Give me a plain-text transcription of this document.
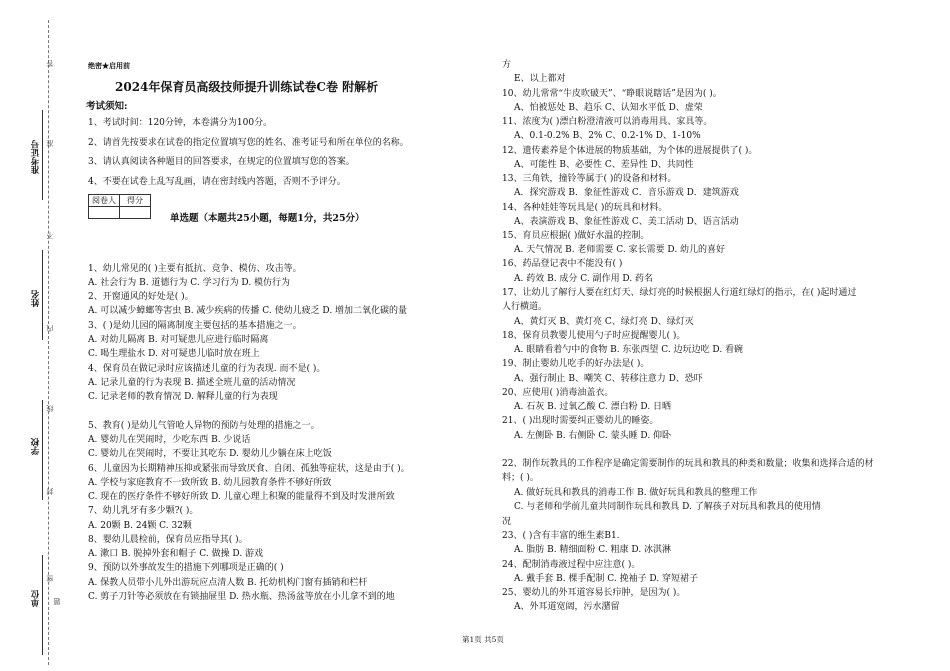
准考证号
姓名
学校
单位
答
准
不
内
线
封
密
题
绝密★启用前
2024年保育员高级技师提升训练试卷C卷 附解析
考试须知:
1、考试时间：120分钟，本卷满分为100分。
2、请首先按要求在试卷的指定位置填写您的姓名、准考证号和所在单位的名称。
3、请认真阅读各种题目的回答要求，在规定的位置填写您的答案。
4、不要在试卷上乱写乱画，请在密封线内答题，否则不予评分。
阅卷人	得分

单选题（本题共25小题，每题1分，共25分）
1、幼儿常见的( )主要有抵抗、竞争、模仿、攻击等。
A. 社会行为 B. 道德行为 C. 学习行为 D. 模仿行为
2、开窗通风的好处是( )。
A. 可以减少蟑螂等害虫 B. 减少疾病的传播 C. 使幼儿疲乏 D. 增加二氧化碳的量
3、( )是幼儿园的隔离制度主要包括的基本措施之一。
A. 对幼儿隔离 B. 对可疑患儿应进行临时隔离
C. 喝生理盐水 D. 对可疑患儿临时放在班上
4、保育员在做记录时应该描述儿童的行为表现. 而不是( )。
A. 记录儿童的行为表现 B. 描述全班儿童的活动情况
C. 记录老师的教育情况 D. 解释儿童的行为表现
5、教育( )是幼儿气管呛人异物的预防与处理的措施之一。
A. 婴幼儿在哭闹时，少吃东西 B. 少说话
C. 婴幼儿在哭闹时，不要让其吃东 D. 婴幼儿少躺在床上吃饭
6、儿童因为长期精神压抑或紧张而导致厌食、自闭、孤独等症状，这是由于( )。
A. 学校与家庭教育不一致所致 B. 幼儿园教育条件不够好所致
C. 现在的医疗条件不够好所致 D. 儿童心理上积聚的能量得不到及时发泄所致
7、幼儿乳牙有多少颗?( )。
A. 20颗 B. 24颗 C. 32颗
8、婴幼儿晨检前，保育员应指导其( )。
A. 漱口 B. 脱掉外套和帽子 C. 做操 D. 游戏
9、预防以外事故发生的措施下列哪项是正确的( )
A. 保教人员带小儿外出游玩应点清人数 B. 托幼机构门窗有插销和栏杆
C. 剪子刀针等必须放在有锁抽屉里 D. 热水瓶、热汤盆等放在小儿拿不到的地
方
E、以上都对
10、幼儿常常“牛皮吹破天”、“睁眼说瞎话”是因为( )。
A、怕被惩处 B、趋乐 C、认知水平低 D、虚荣
11、浓度为( )漂白粉澄清液可以消毒用具、家具等。
A、0.1-0.2% B、2% C、0.2-1% D、1-10%
12、遗传素养是个体进展的物质基础，为个体的进展提供了( )。
A、可能性 B、必要性 C、差异性 D、共同性
13、三角铁，撞铃等属于( )的设备和材料。
A．探究游戏 B．象征性游戏 C．音乐游戏 D．建筑游戏
14、各种娃娃等玩具是( )的玩具和材料。
A、表演游戏 B、象征性游戏 C、美工活动 D、语言活动
15、育员应根据( )做好水温的控制。
A. 天气情况 B. 老师需要 C. 家长需要 D. 幼儿的喜好
16、药品登记表中不能没有( )
A. 药效 B. 成分 C. 副作用 D. 药名
17、让幼儿了解行人要在红灯天、绿灯亮的时候根据人行道红绿灯的指示，在( )起时通过
人行横道。
A、黄灯灭 B、黄灯亮 C、绿灯亮 D、绿灯灭
18、保育员教婴儿使用勺子时应提醒婴儿( )。
A. 眼睛看着勺中的食物 B. 东张西望 C. 边玩边吃 D. 看碗
19、制止婴幼儿吃手的好办法是( )。
A、强行制止 B、嘲笑 C、转移注意力 D、恐吓
20、应使用( )消毒油盖衣。
A. 石灰 B. 过氧乙酸 C. 漂白粉 D. 日晒
21、( )出现时需要纠正婴幼儿的睡姿。
A. 左侧卧 B. 右侧卧 C. 蒙头睡 D. 仰卧
22、制作玩教具的工作程序是确定需要制作的玩具和教具的种类和数量；收集和选择合适的材
料；( )。
A. 做好玩具和教具的消毒工作 B. 做好玩具和教具的整理工作
C. 与老师和学前儿童共同制作玩具和教具 D. 了解孩子对玩具和教具的使用情
况
23、( )含有丰富的维生素B1.
A. 脂肪 B. 精细面粉 C. 粗康 D. 冰淇淋
24、配制消毒液过程中应注意( )。
A. 戴手套 B. 棵手配制 C. 挽袖子 D. 穿短裙子
25、婴幼儿的外耳道容易长疖肿，是因为( )。
A、外耳道宽阔，污水潴留
第1页 共5页
